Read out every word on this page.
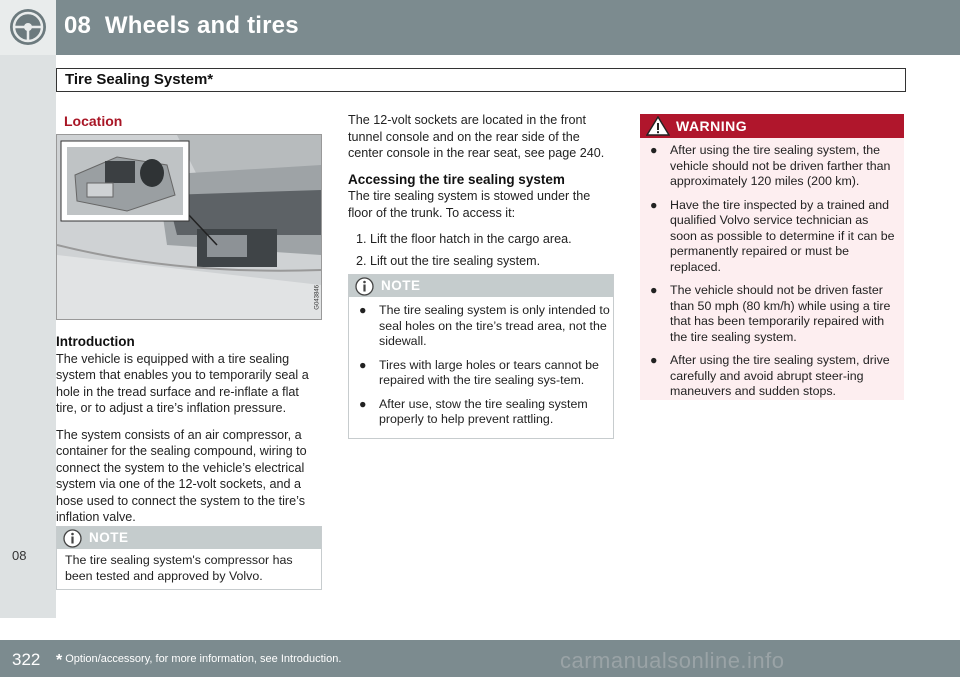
08 Wheels and tires
08
Tire Sealing System*
Location
G043846
Introduction

The vehicle is equipped with a tire sealing system that enables you to temporarily seal a hole in the tread surface and re-inflate a flat tire, or to adjust a tire’s inflation pressure.

The system consists of an air compressor, a container for the sealing compound, wiring to connect the system to the vehicle’s electrical system via one of the 12-volt sockets, and a hose used to connect the system to the tire’s inflation valve.

NOTE
The tire sealing system's compressor has been tested and approved by Volvo.

The 12-volt sockets are located in the front tunnel console and on the rear side of the center console in the rear seat, see page 240.

Accessing the tire sealing system

The tire sealing system is stowed under the floor of the trunk. To access it:

1. Lift the floor hatch in the cargo area.
2. Lift out the tire sealing system.
NOTE
● The tire sealing system is only intended to seal holes on the tire’s tread area, not the sidewall.
● Tires with large holes or tears cannot be repaired with the tire sealing sys-tem.
● After use, stow the tire sealing system properly to help prevent rattling.
WARNING
● After using the tire sealing system, the vehicle should not be driven farther than approximately 120 miles (200 km).
● Have the tire inspected by a trained and qualified Volvo service technician as soon as possible to determine if it can be permanently repaired or must be replaced.
● The vehicle should not be driven faster than 50 mph (80 km/h) while using a tire that has been temporarily repaired with the tire sealing system.
● After using the tire sealing system, drive carefully and avoid abrupt steer-ing maneuvers and sudden stops.
322 * Option/accessory, for more information, see Introduction.	carmanualsonline.info
